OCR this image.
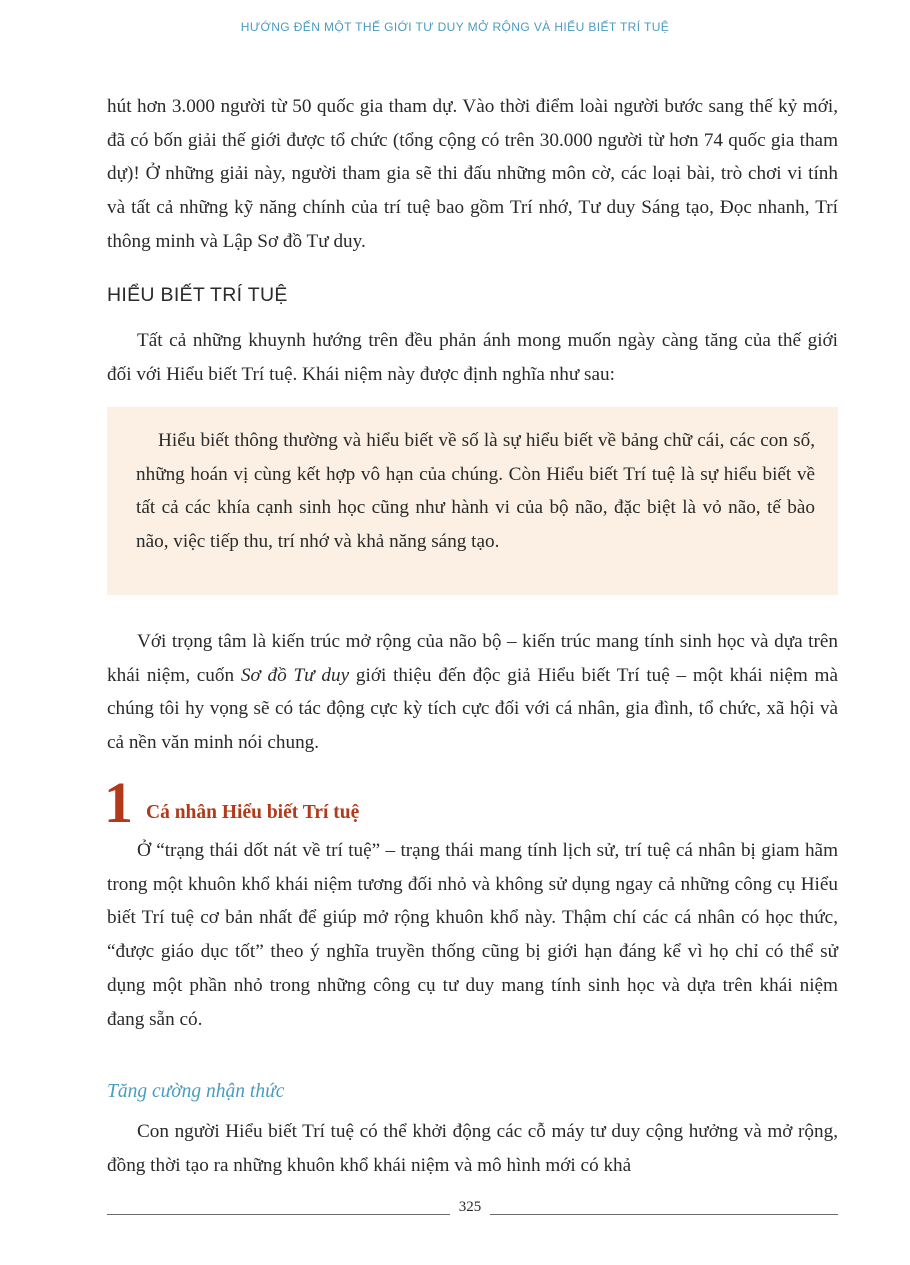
HƯỚNG ĐẾN MỘT THẾ GIỚI TƯ DUY MỞ RỘNG VÀ HIỂU BIẾT TRÍ TUỆ

hút hơn 3.000 người từ 50 quốc gia tham dự. Vào thời điểm loài người bước sang thế kỷ mới, đã có bốn giải thế giới được tổ chức (tổng cộng có trên 30.000 người từ hơn 74 quốc gia tham dự)! Ở những giải này, người tham gia sẽ thi đấu những môn cờ, các loại bài, trò chơi vi tính và tất cả những kỹ năng chính của trí tuệ bao gồm Trí nhớ, Tư duy Sáng tạo, Đọc nhanh, Trí thông minh và Lập Sơ đồ Tư duy.

HIỂU BIẾT TRÍ TUỆ

Tất cả những khuynh hướng trên đều phản ánh mong muốn ngày càng tăng của thế giới đối với Hiểu biết Trí tuệ. Khái niệm này được định nghĩa như sau:

Hiểu biết thông thường và hiểu biết về số là sự hiểu biết về bảng chữ cái, các con số, những hoán vị cùng kết hợp vô hạn của chúng. Còn Hiểu biết Trí tuệ là sự hiểu biết về tất cả các khía cạnh sinh học cũng như hành vi của bộ não, đặc biệt là vỏ não, tế bào não, việc tiếp thu, trí nhớ và khả năng sáng tạo.

Với trọng tâm là kiến trúc mở rộng của não bộ – kiến trúc mang tính sinh học và dựa trên khái niệm, cuốn Sơ đồ Tư duy giới thiệu đến độc giả Hiểu biết Trí tuệ – một khái niệm mà chúng tôi hy vọng sẽ có tác động cực kỳ tích cực đối với cá nhân, gia đình, tổ chức, xã hội và cả nền văn minh nói chung.

1 Cá nhân Hiểu biết Trí tuệ

Ở “trạng thái dốt nát về trí tuệ” – trạng thái mang tính lịch sử, trí tuệ cá nhân bị giam hãm trong một khuôn khổ khái niệm tương đối nhỏ và không sử dụng ngay cả những công cụ Hiểu biết Trí tuệ cơ bản nhất để giúp mở rộng khuôn khổ này. Thậm chí các cá nhân có học thức, “được giáo dục tốt” theo ý nghĩa truyền thống cũng bị giới hạn đáng kể vì họ chỉ có thể sử dụng một phần nhỏ trong những công cụ tư duy mang tính sinh học và dựa trên khái niệm đang sẵn có.

Tăng cường nhận thức

Con người Hiểu biết Trí tuệ có thể khởi động các cỗ máy tư duy cộng hưởng và mở rộng, đồng thời tạo ra những khuôn khổ khái niệm và mô hình mới có khả

325
